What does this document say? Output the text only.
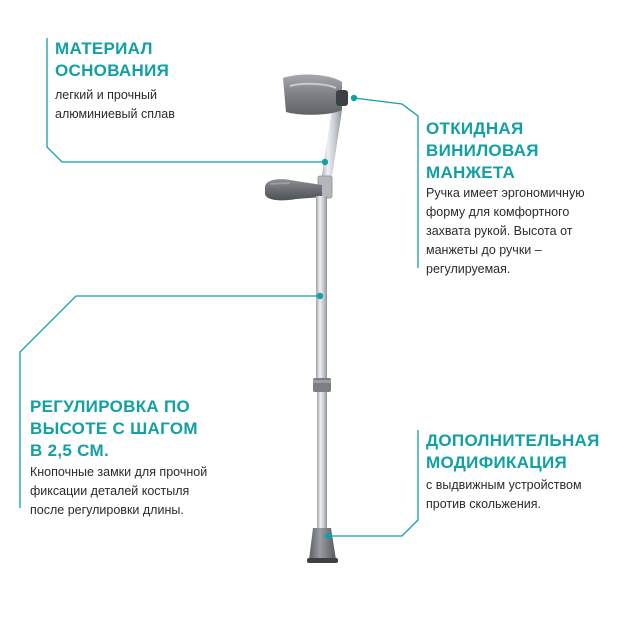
МАТЕРИАЛ
ОСНОВАНИЯ

легкий и прочный
алюминиевый сплав

ОТКИДНАЯ
ВИНИЛОВАЯ
МАНЖЕТА

Ручка имеет эргономичную
форму для комфортного
захвата рукой. Высота от
манжеты до ручки –
регулируемая.

РЕГУЛИРОВКА ПО
ВЫСОТЕ С ШАГОМ
В 2,5 СМ.

Кнопочные замки для прочной
фиксации деталей костыля
после регулировки длины.

ДОПОЛНИТЕЛЬНАЯ
МОДИФИКАЦИЯ

с выдвижным устройством
против скольжения.
